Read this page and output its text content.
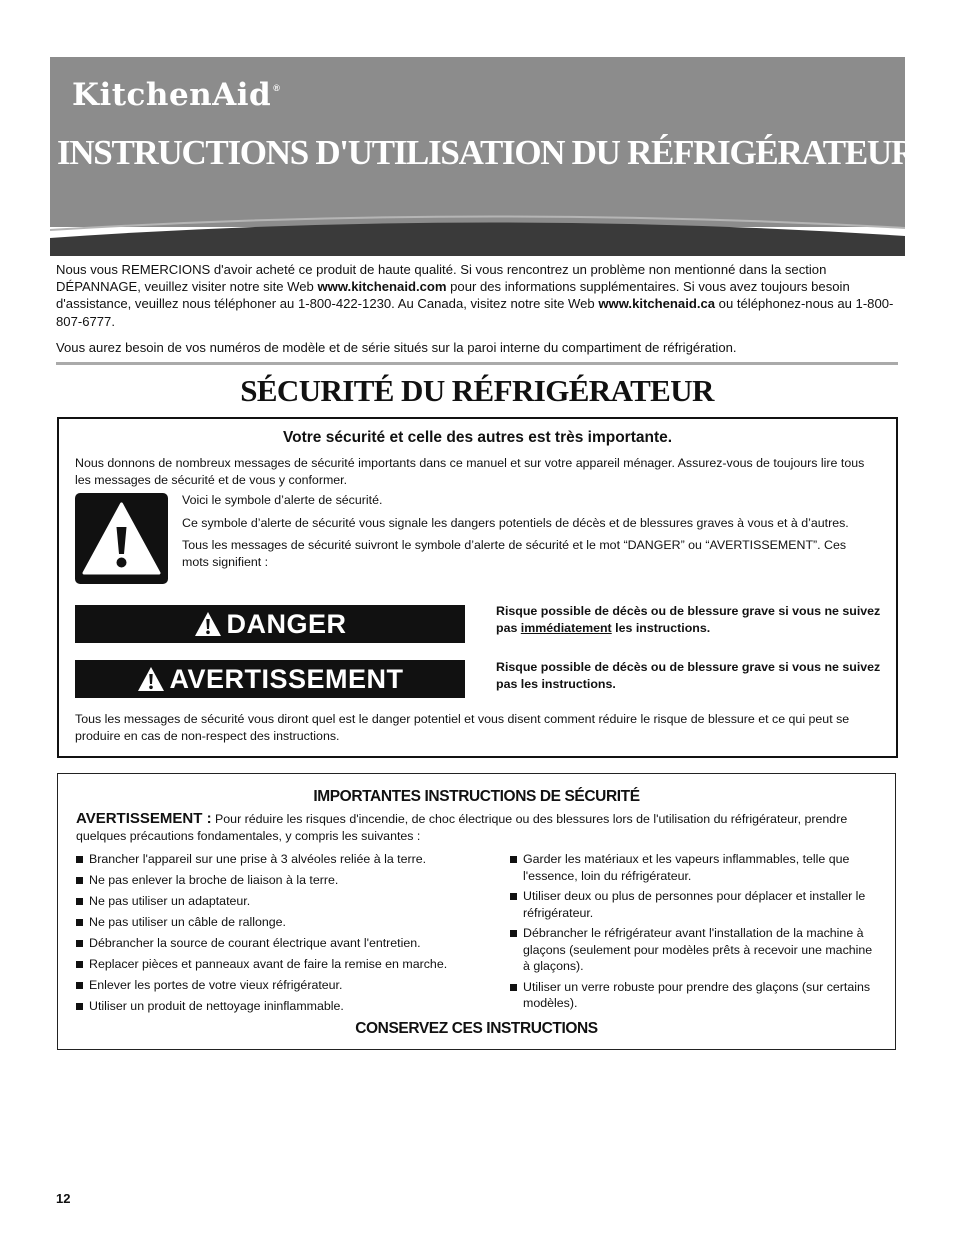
KitchenAid ®
INSTRUCTIONS D'UTILISATION DU RÉFRIGÉRATEUR

Nous vous REMERCIONS d'avoir acheté ce produit de haute qualité. Si vous rencontrez un problème non mentionné dans la section DÉPANNAGE, veuillez visiter notre site Web www.kitchenaid.com pour des informations supplémentaires. Si vous avez toujours besoin d'assistance, veuillez nous téléphoner au 1-800-422-1230. Au Canada, visitez notre site Web www.kitchenaid.ca ou téléphonez-nous au 1-800-807-6777.

Vous aurez besoin de vos numéros de modèle et de série situés sur la paroi interne du compartiment de réfrigération.

SÉCURITÉ DU RÉFRIGÉRATEUR
Votre sécurité et celle des autres est très importante.
Nous donnons de nombreux messages de sécurité importants dans ce manuel et sur votre appareil ménager. Assurez-vous de toujours lire tous les messages de sécurité et de vous y conformer.

Voici le symbole d’alerte de sécurité.

Ce symbole d’alerte de sécurité vous signale les dangers potentiels de décès et de blessures graves à vous et à d’autres.

Tous les messages de sécurité suivront le symbole d’alerte de sécurité et le mot “DANGER” ou “AVERTISSEMENT”. Ces mots signifient :

DANGER	Risque possible de décès ou de blessure grave si vous ne suivez pas immédiatement les instructions.
AVERTISSEMENT	Risque possible de décès ou de blessure grave si vous ne suivez pas les instructions.
Tous les messages de sécurité vous diront quel est le danger potentiel et vous disent comment réduire le risque de blessure et ce qui peut se produire en cas de non-respect des instructions.
IMPORTANTES INSTRUCTIONS DE SÉCURITÉ
AVERTISSEMENT : Pour réduire les risques d'incendie, de choc électrique ou des blessures lors de l'utilisation du réfrigérateur, prendre quelques précautions fondamentales, y compris les suivantes :
Brancher l'appareil sur une prise à 3 alvéoles reliée à la terre.
Ne pas enlever la broche de liaison à la terre.
Ne pas utiliser un adaptateur.
Ne pas utiliser un câble de rallonge.
Débrancher la source de courant électrique avant l'entretien.
Replacer pièces et panneaux avant de faire la remise en marche.
Enlever les portes de votre vieux réfrigérateur.
Utiliser un produit de nettoyage ininflammable.
Garder les matériaux et les vapeurs inflammables, telle que l'essence, loin du réfrigérateur.
Utiliser deux ou plus de personnes pour déplacer et installer le réfrigérateur.
Débrancher le réfrigérateur avant l'installation de la machine à glaçons (seulement pour modèles prêts à recevoir une machine à glaçons).
Utiliser un verre robuste pour prendre des glaçons (sur certains modèles).
CONSERVEZ CES INSTRUCTIONS
12
